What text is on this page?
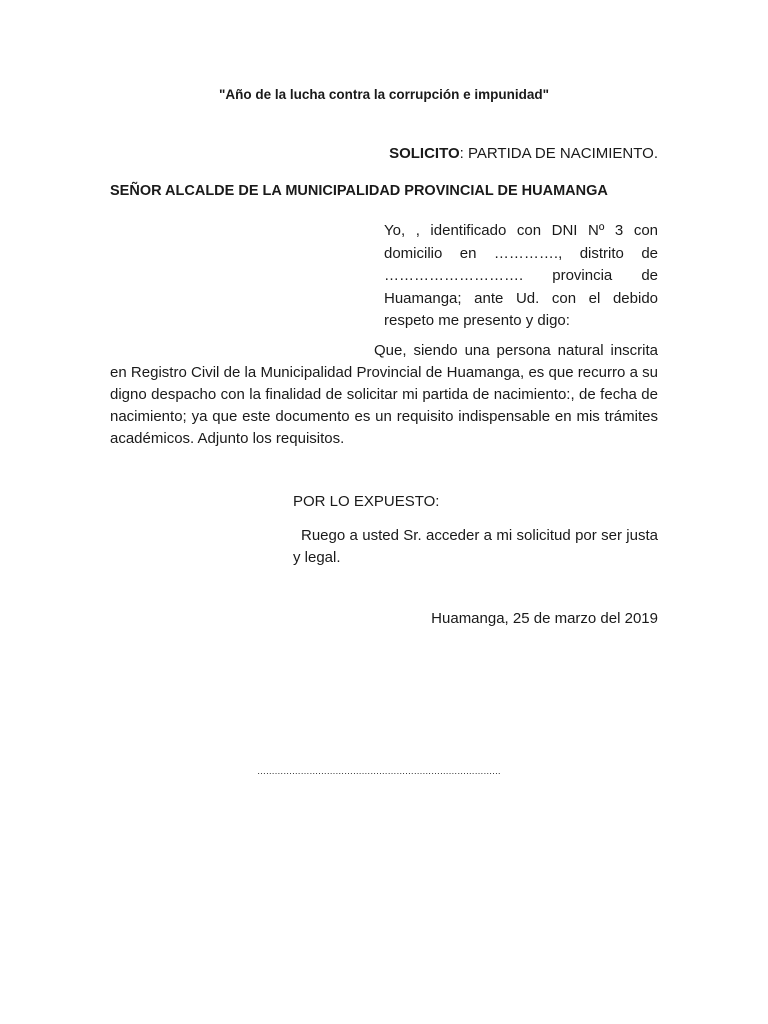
"Año de la lucha contra la corrupción e impunidad"
SOLICITO: PARTIDA DE NACIMIENTO.
SEÑOR ALCALDE DE LA MUNICIPALIDAD PROVINCIAL DE HUAMANGA
Yo, , identificado con DNI Nº 3 con domicilio en …………., distrito de ………………………. provincia de Huamanga; ante Ud. con el debido respeto me presento y digo:
Que, siendo una persona natural inscrita en Registro Civil de la Municipalidad Provincial de Huamanga, es que recurro a su digno despacho con la finalidad de solicitar mi partida de nacimiento:, de fecha de nacimiento; ya que este documento es un requisito indispensable en mis trámites académicos. Adjunto los requisitos.
POR LO EXPUESTO:
Ruego a usted Sr. acceder a mi solicitud por ser justa y legal.
Huamanga, 25 de marzo del 2019
…………………………………………………………………………
